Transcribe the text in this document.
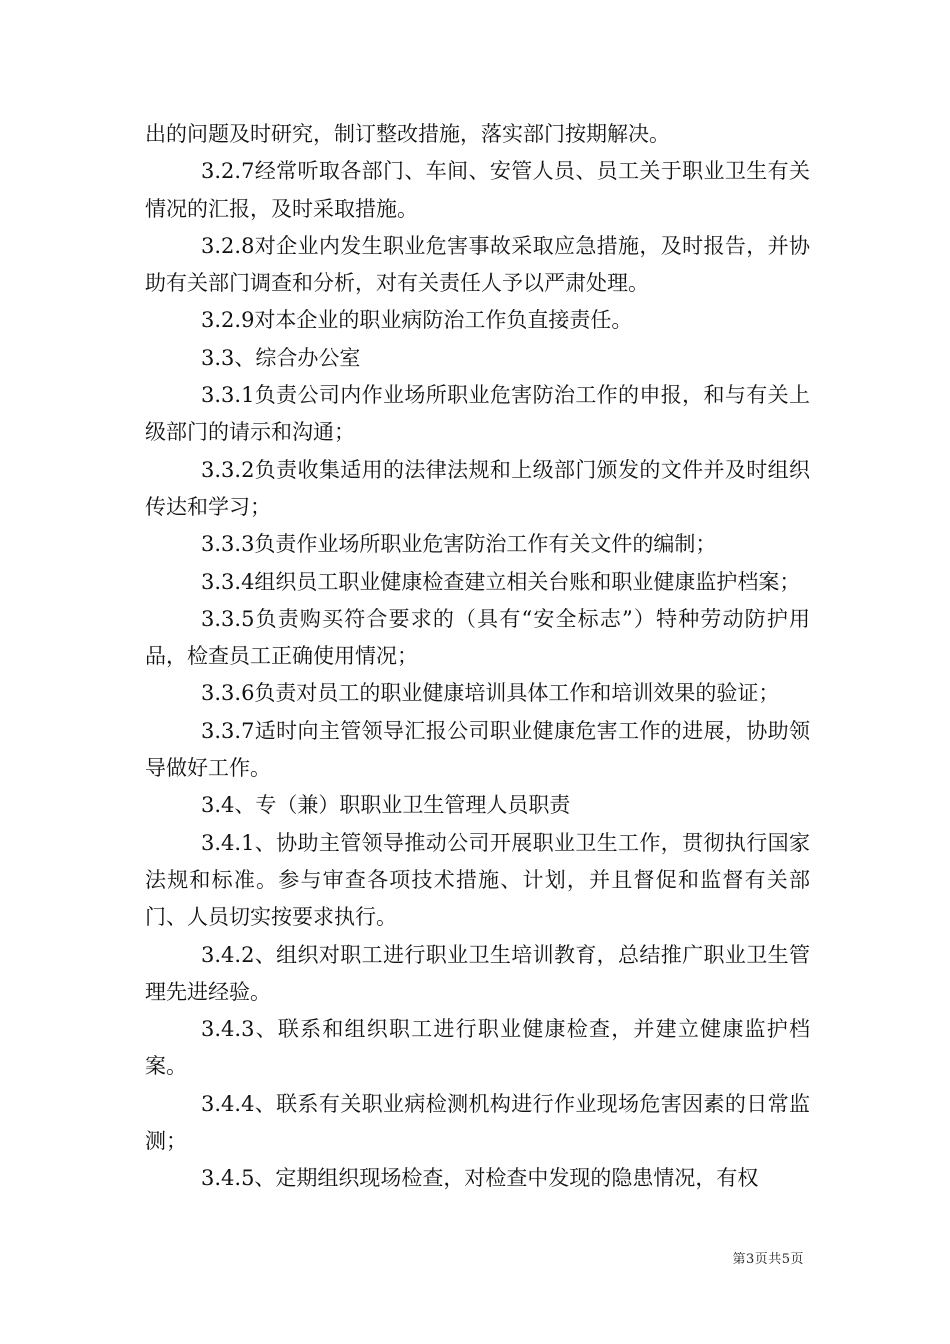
出的问题及时研究，制订整改措施，落实部门按期解决。

3.2.7经常听取各部门、车间、安管人员、员工关于职业卫生有关情况的汇报，及时采取措施。

3.2.8对企业内发生职业危害事故采取应急措施，及时报告，并协助有关部门调查和分析，对有关责任人予以严肃处理。

3.2.9对本企业的职业病防治工作负直接责任。

3.3、综合办公室

3.3.1负责公司内作业场所职业危害防治工作的申报，和与有关上级部门的请示和沟通；

3.3.2负责收集适用的法律法规和上级部门颁发的文件并及时组织传达和学习；

3.3.3负责作业场所职业危害防治工作有关文件的编制；

3.3.4组织员工职业健康检查建立相关台账和职业健康监护档案；

3.3.5负责购买符合要求的（具有“安全标志”）特种劳动防护用品，检查员工正确使用情况；

3.3.6负责对员工的职业健康培训具体工作和培训效果的验证；

3.3.7适时向主管领导汇报公司职业健康危害工作的进展，协助领导做好工作。

3.4、专（兼）职职业卫生管理人员职责

3.4.1、协助主管领导推动公司开展职业卫生工作，贯彻执行国家法规和标准。参与审查各项技术措施、计划，并且督促和监督有关部门、人员切实按要求执行。

3.4.2、组织对职工进行职业卫生培训教育，总结推广职业卫生管理先进经验。

3.4.3、联系和组织职工进行职业健康检查，并建立健康监护档案。

3.4.4、联系有关职业病检测机构进行作业现场危害因素的日常监测；

3.4.5、定期组织现场检查，对检查中发现的隐患情况，有权

第3页共5页
